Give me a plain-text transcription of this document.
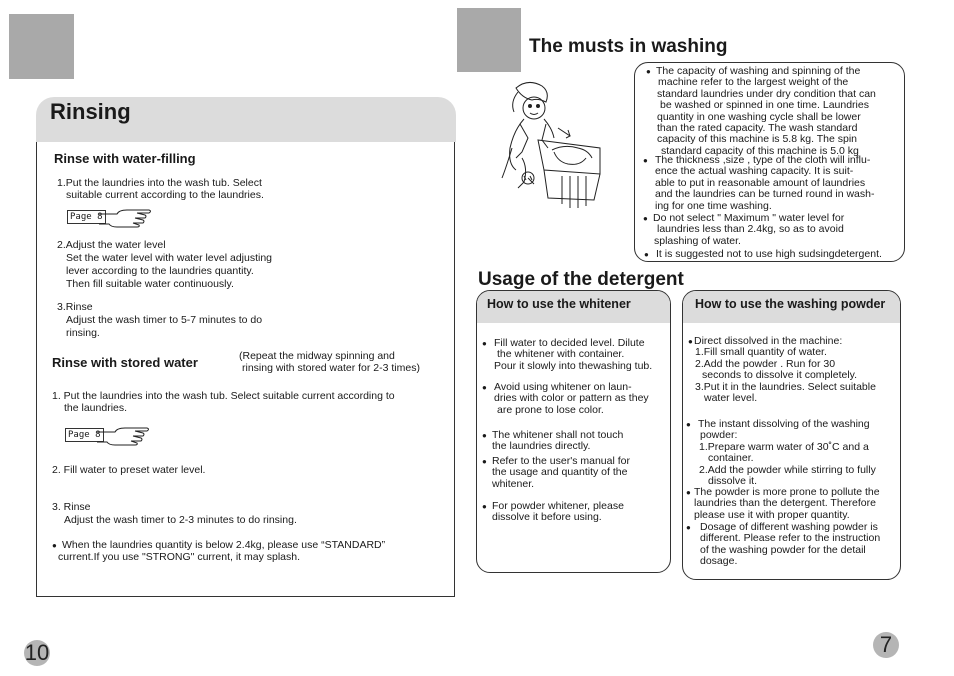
Rinsing
Rinse with water-filling
1.Put the laundries into the wash tub. Select
suitable current according to the laundries.
Page 8
2.Adjust the water level
Set the water level with water level adjusting
lever according to the laundries quantity.
Then fill suitable water continuously.
3.Rinse
Adjust the wash timer to 5-7 minutes to do
rinsing.
Rinse with stored water	(Repeat the midway spinning and
rinsing with stored water for 2-3 times)
1. Put the laundries into the wash tub. Select suitable current according to
the laundries.
Page 8
2. Fill water to preset water level.
3. Rinse
Adjust the wash timer to 2-3 minutes to do rinsing.
● When the laundries quantity is below 2.4kg, please use “STANDARD”
current.If you use "STRONG" current, it may splash.
10
The musts in washing
● The capacity of washing and spinning of the
machine refer to the largest weight of the
standard laundries under dry condition that can
be washed or spinned in one time. Laundries
quantity in one washing cycle shall be lower
than the rated capacity. The wash standard
capacity of this machine is 5.8 kg. The spin
standard capacity of this machine is 5.0 kg
● The thickness ,size , type of the cloth will influ-
ence the actual washing capacity. It is suit-
able to put in reasonable amount of laundries
and the laundries can be turned round in wash-
ing for one time washing.
● Do not select " Maximum " water level for
laundries less than 2.4kg, so as to avoid
splashing of water.
● It is suggested not to use high sudsingdetergent.
Usage of the detergent
How to use the whitener
● Fill water to decided level. Dilute
the whitener with container.
Pour it slowly into thewashing tub.
● Avoid using whitener on laun-
dries with color or pattern as they
are prone to lose color.
● The whitener shall not touch
the laundries directly.
● Refer to the user's manual for
the usage and quantity of the
whitener.
● For powder whitener, please
dissolve it before using.
How to use the washing powder
● Direct dissolved in the machine:
1.Fill small quantity of water.
2.Add the powder . Run for 30
seconds to dissolve it completely.
3.Put it in the laundries. Select suitable
water level.
● The instant dissolving of the washing
powder:
1.Prepare warm water of 30˚C and a
container.
2.Add the powder while stirring to fully
dissolve it.
● The powder is more prone to pollute the
laundries than the detergent. Therefore
please use it with proper quantity.
● Dosage of different washing powder is
different. Please refer to the instruction
of the washing powder for the detail
dosage.
7
